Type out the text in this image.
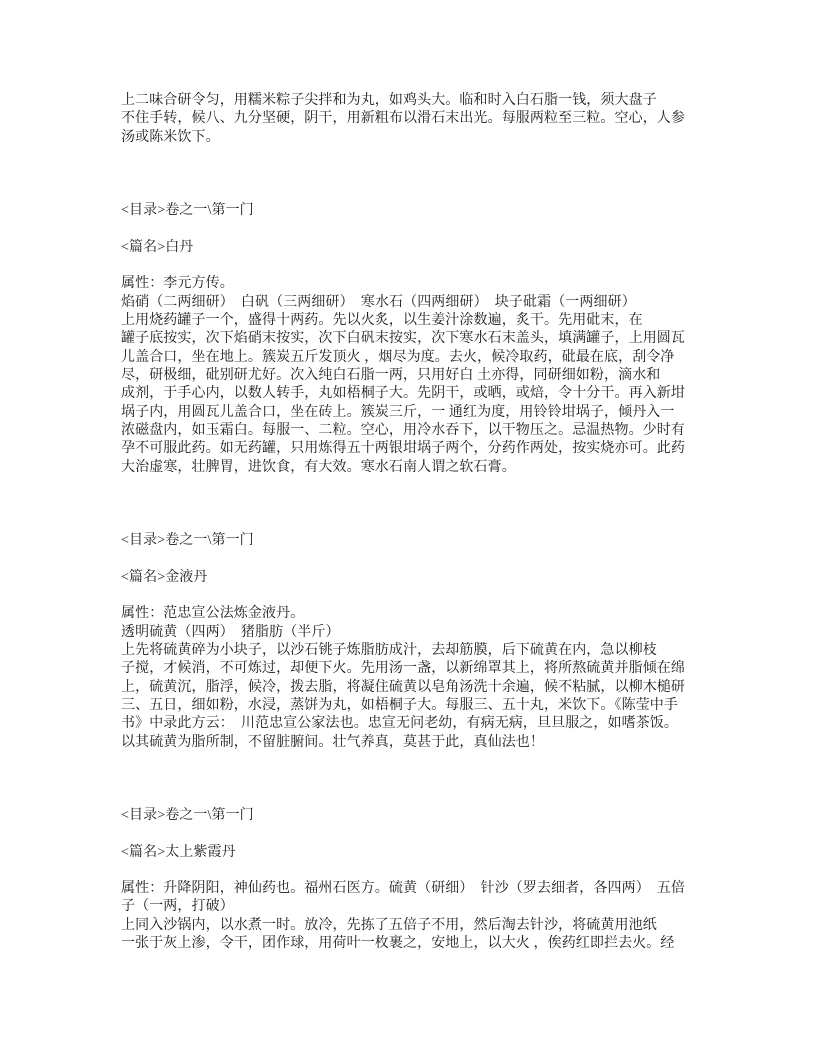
上二味合研令匀，用糯米粽子尖拌和为丸，如鸡头大。临和时入白石脂一钱，须大盘子
不住手转，候八、九分坚硬，阴干，用新粗布以滑石末出光。每服两粒至三粒。空心，人参
汤或陈米饮下。
<目录>卷之一\第一门

<篇名>白丹

属性：李元方传。
焰硝（二两细研）　白矾（三两细研）　寒水石（四两细研）　块子砒霜（一两细研）
上用烧药罐子一个，盛得十两药。先以火炙，以生姜汁涂数遍，炙干。先用砒末，在
罐子底按实，次下焰硝末按实，次下白矾末按实，次下寒水石末盖头，填满罐子，上用圆瓦
儿盖合口，坐在地上。簇炭五斤发顶火 ，烟尽为度。去火，候冷取药，砒最在底，刮令净
尽，研极细，砒别研尤好。次入纯白石脂一两，只用好白 土亦得，同研细如粉，滴水和
成剂，于手心内，以数人转手，丸如梧桐子大。先阴干，或晒，或焙，令十分干。再入新坩
埚子内，用圆瓦儿盖合口，坐在砖上。簇炭三斤，一 通红为度，用铃铃坩埚子，倾丹入一
浓磁盘内，如玉霜白。每服一、二粒。空心，用冷水吞下，以干物压之。忌温热物。少时有
孕不可服此药。如无药罐，只用炼得五十两银坩埚子两个，分药作两处，按实烧亦可。此药
大治虚寒，壮脾胃，进饮食，有大效。寒水石南人谓之软石膏。
<目录>卷之一\第一门

<篇名>金液丹

属性：范忠宣公法炼金液丹。
透明硫黄（四两）　猪脂肪（半斤）
上先将硫黄碎为小块子，以沙石铫子炼脂肪成汁，去却筋膜，后下硫黄在内，急以柳枝
子搅，才候消，不可炼过，却便下火。先用汤一盏，以新绵罩其上，将所熬硫黄并脂倾在绵
上，硫黄沉，脂浮，候冷，拨去脂，将凝住硫黄以皂角汤洗十余遍，候不粘腻，以柳木槌研
三、五日，细如粉，水浸，蒸饼为丸，如梧桐子大。每服三、五十丸，米饮下。《陈莹中手
书》中录此方云：　川范忠宣公家法也。忠宣无问老幼，有病无病，旦旦服之，如嗜茶饭。
以其硫黄为脂所制，不留脏腑间。壮气养真，莫甚于此，真仙法也！
<目录>卷之一\第一门

<篇名>太上紫霞丹

属性：升降阴阳，神仙药也。福州石医方。硫黄（研细）　针沙（罗去细者，各四两）　五倍
子（一两，打破）
上同入沙锅内，以水煮一时。放冷，先拣了五倍子不用，然后淘去针沙，将硫黄用池纸
一张于灰上渗，令干，团作球，用荷叶一枚裹之，安地上，以大火 ，俟药红即拦去火。经
